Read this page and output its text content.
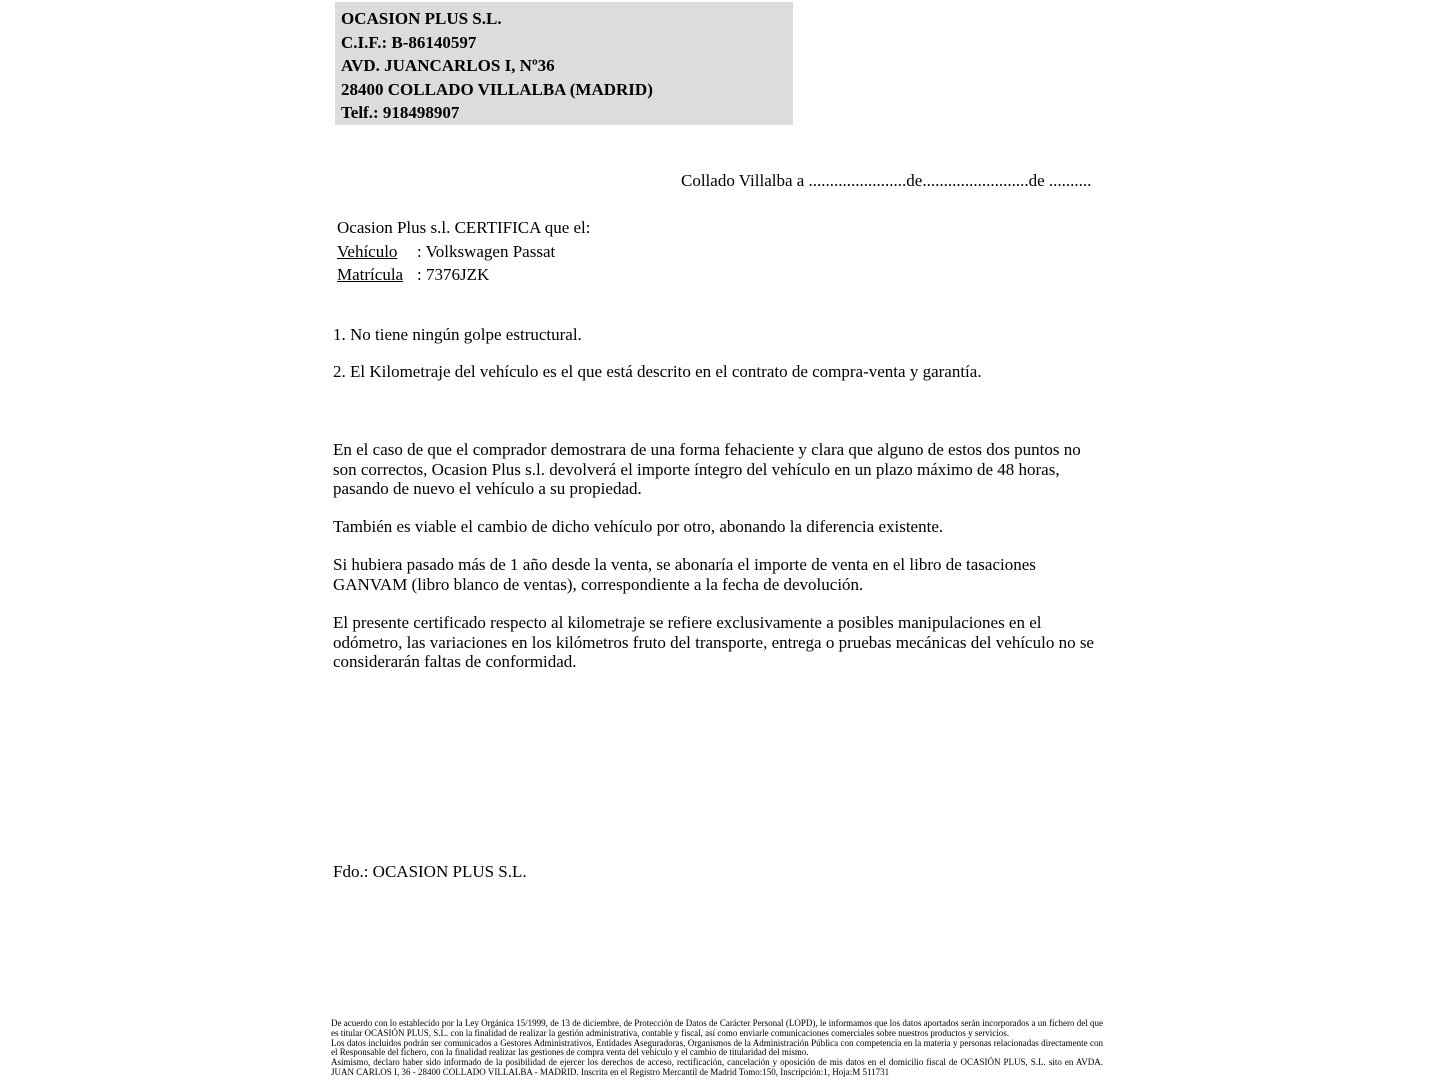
OCASION PLUS S.L.
C.I.F.: B-86140597
AVD. JUANCARLOS I, Nº36
28400 COLLADO VILLALBA (MADRID)
Telf.: 918498907
Collado Villalba a .......................de.........................de ..........
Ocasion Plus s.l. CERTIFICA que el:
Vehículo : Volkswagen Passat
Matrícula : 7376JZK

1. No tiene ningún golpe estructural.

2. El Kilometraje del vehículo es el que está descrito en el contrato de compra-venta y garantía.

En el caso de que el comprador demostrara de una forma fehaciente y clara que alguno de estos dos puntos no son correctos, Ocasion Plus s.l. devolverá el importe íntegro del vehículo en un plazo máximo de 48 horas, pasando de nuevo el vehículo a su propiedad.

También es viable el cambio de dicho vehículo por otro, abonando la diferencia existente.

Si hubiera pasado más de 1 año desde la venta, se abonaría el importe de venta en el libro de tasaciones GANVAM (libro blanco de ventas), correspondiente a la fecha de devolución.

El presente certificado respecto al kilometraje se refiere exclusivamente a posibles manipulaciones en el odómetro, las variaciones en los kilómetros fruto del transporte, entrega o pruebas mecánicas del vehículo no se considerarán faltas de conformidad.

Fdo.: OCASION PLUS S.L.
De acuerdo con lo establecido por la Ley Orgánica 15/1999, de 13 de diciembre, de Protección de Datos de Carácter Personal (LOPD), le informamos que los datos aportados serán incorporados a un fichero del que es titular OCASIÓN PLUS, S.L. con la finalidad de realizar la gestión administrativa, contable y fiscal, así como enviarle comunicaciones comerciales sobre nuestros productos y servicios.
Los datos incluidos podrán ser comunicados a Gestores Administrativos, Entidades Aseguradoras, Organismos de la Administración Pública con competencia en la materia y personas relacionadas directamente con el Responsable del fichero, con la finalidad realizar las gestiones de compra venta del vehículo y el cambio de titularidad del mismo.
Asimismo, declaro haber sido informado de la posibilidad de ejercer los derechos de acceso, rectificación, cancelación y oposición de mis datos en el domicilio fiscal de OCASIÓN PLUS, S.L. sito en AVDA. JUAN CARLOS I, 36 - 28400 COLLADO VILLALBA - MADRID. Inscrita en el Registro Mercantil de Madrid Tomo:150, Inscripción:1, Hoja:M 511731
